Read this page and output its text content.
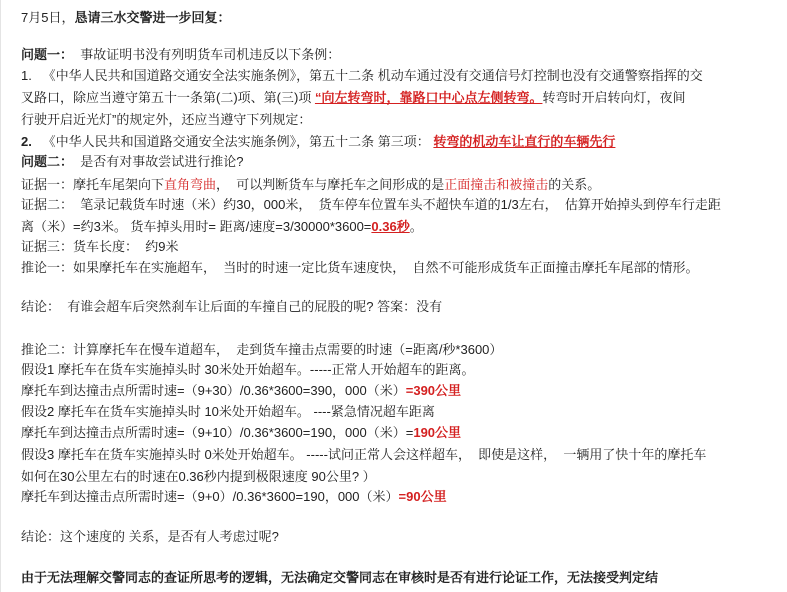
7月5日，恳请三水交警进一步回复：
问题一：  事故证明书没有列明货车司机违反以下条例：
1.   《中华人民共和国道路交通安全法实施条例》，第五十二条 机动车通过没有交通信号灯控制也没有交通警察指挥的交
叉路口，除应当遵守第五十一条第(二)项、第(三)项 “向左转弯时，靠路口中心点左侧转弯。转弯时开启转向灯，夜间
行驶开启近光灯”的规定外，还应当遵守下列规定：
2.   《中华人民共和国道路交通安全法实施条例》，第五十二条 第三项： 转弯的机动车让直行的车辆先行
问题二：  是否有对事故尝试进行推论?
证据一：摩托车尾架向下直角弯曲，  可以判断货车与摩托车之间形成的是正面撞击和被撞击的关系。
证据二：  笔录记载货车时速（米）约30，000米，  货车停车位置车头不超快车道的1/3左右，  估算开始掉头到停车行走距
离（米）=约3米。 货车掉头用时= 距离/速度=3/30000*3600=0.36秒。
证据三：货车长度：  约9米
推论一：如果摩托车在实施超车，  当时的时速一定比货车速度快，  自然不可能形成货车正面撞击摩托车尾部的情形。
结论：  有谁会超车后突然刹车让后面的车撞自己的屁股的呢? 答案：没有
推论二：计算摩托车在慢车道超车，  走到货车撞击点需要的时速（=距离/秒*3600）
假设1 摩托车在货车实施掉头时 30米处开始超车。-----正常人开始超车的距离。
摩托车到达撞击点所需时速=（9+30）/0.36*3600=390，000（米）=390公里
假设2 摩托车在货车实施掉头时 10米处开始超车。 ----紧急情况超车距离
摩托车到达撞击点所需时速=（9+10）/0.36*3600=190，000（米）=190公里
假设3 摩托车在货车实施掉头时 0米处开始超车。 -----试问正常人会这样超车，  即使是这样，  一辆用了快十年的摩托车
如何在30公里左右的时速在0.36秒内提到极限速度 90公里? ）
摩托车到达撞击点所需时速=（9+0）/0.36*3600=190，000（米）=90公里
结论：这个速度的 关系，是否有人考虑过呢?
由于无法理解交警同志的查证所思考的逻辑，无法确定交警同志在审核时是否有进行论证工作，无法接受判定结
